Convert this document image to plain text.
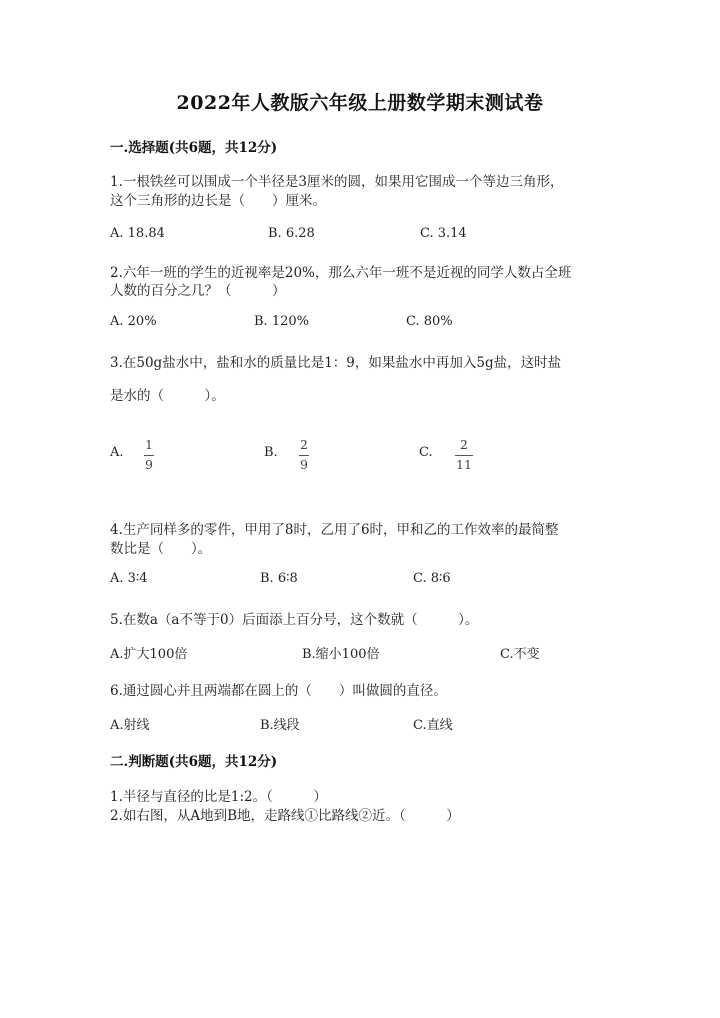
2022年人教版六年级上册数学期末测试卷
一.选择题(共6题，共12分)
1.一根铁丝可以围成一个半径是3厘米的圆，如果用它围成一个等边三角形，
这个三角形的边长是（　　）厘米。
A. 18.84	B. 6.28	C. 3.14
2.六年一班的学生的近视率是20%，那么六年一班不是近视的同学人数占全班
人数的百分之几？（　　　）
A. 20%	B. 120%	C. 80%
3.在50g盐水中，盐和水的质量比是1：9，如果盐水中再加入5g盐，这时盐
是水的（　　　）。
A.
1
9
B.
2
9
C.
2
11
4.生产同样多的零件，甲用了8时，乙用了6时，甲和乙的工作效率的最简整
数比是（　　）。
A. 3∶4	B. 6∶8	C. 8∶6
5.在数a（a不等于0）后面添上百分号，这个数就（　　　）。
A.扩大100倍	B.缩小100倍	C.不变
6.通过圆心并且两端都在圆上的（　　）叫做圆的直径。
A.射线	B.线段	C.直线
二.判断题(共6题，共12分)
1.半径与直径的比是1:2。（　　　）
2.如右图，从A地到B地，走路线①比路线②近。（　　　）
